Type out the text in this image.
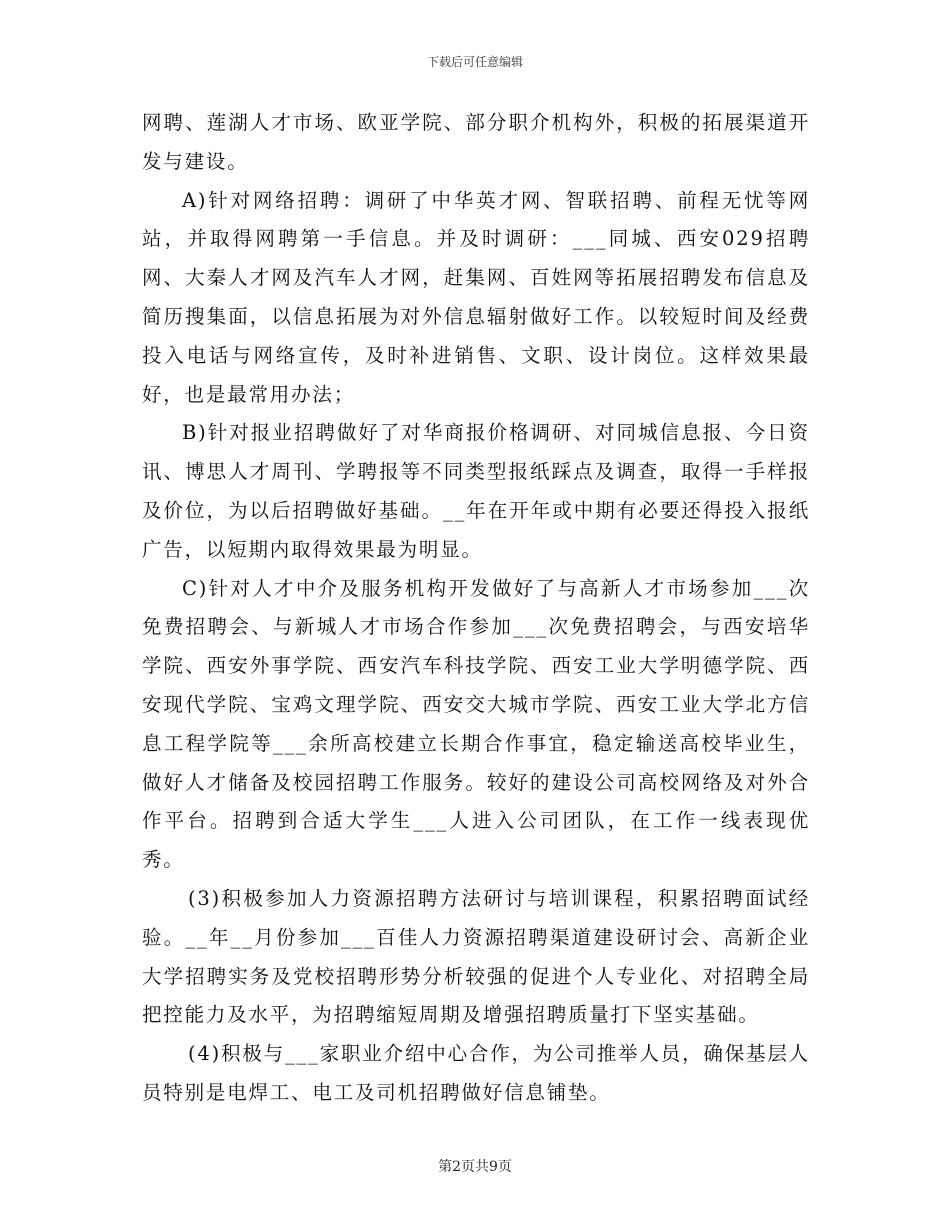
下载后可任意编辑

网聘、莲湖人才市场、欧亚学院、部分职介机构外，积极的拓展渠道开发与建设。

A)针对网络招聘：调研了中华英才网、智联招聘、前程无忧等网站，并取得网聘第一手信息。并及时调研：___同城、西安029招聘网、大秦人才网及汽车人才网，赶集网、百姓网等拓展招聘发布信息及简历搜集面，以信息拓展为对外信息辐射做好工作。以较短时间及经费投入电话与网络宣传，及时补进销售、文职、设计岗位。这样效果最好，也是最常用办法；

B)针对报业招聘做好了对华商报价格调研、对同城信息报、今日资讯、博思人才周刊、学聘报等不同类型报纸踩点及调查，取得一手样报及价位，为以后招聘做好基础。__年在开年或中期有必要还得投入报纸广告，以短期内取得效果最为明显。

C)针对人才中介及服务机构开发做好了与高新人才市场参加___次免费招聘会、与新城人才市场合作参加___次免费招聘会，与西安培华学院、西安外事学院、西安汽车科技学院、西安工业大学明德学院、西安现代学院、宝鸡文理学院、西安交大城市学院、西安工业大学北方信息工程学院等___余所高校建立长期合作事宜，稳定输送高校毕业生，做好人才储备及校园招聘工作服务。较好的建设公司高校网络及对外合作平台。招聘到合适大学生___人进入公司团队，在工作一线表现优秀。

(3)积极参加人力资源招聘方法研讨与培训课程，积累招聘面试经验。__年__月份参加___百佳人力资源招聘渠道建设研讨会、高新企业大学招聘实务及党校招聘形势分析较强的促进个人专业化、对招聘全局把控能力及水平，为招聘缩短周期及增强招聘质量打下坚实基础。

(4)积极与___家职业介绍中心合作，为公司推举人员，确保基层人员特别是电焊工、电工及司机招聘做好信息铺垫。

第2页共9页
